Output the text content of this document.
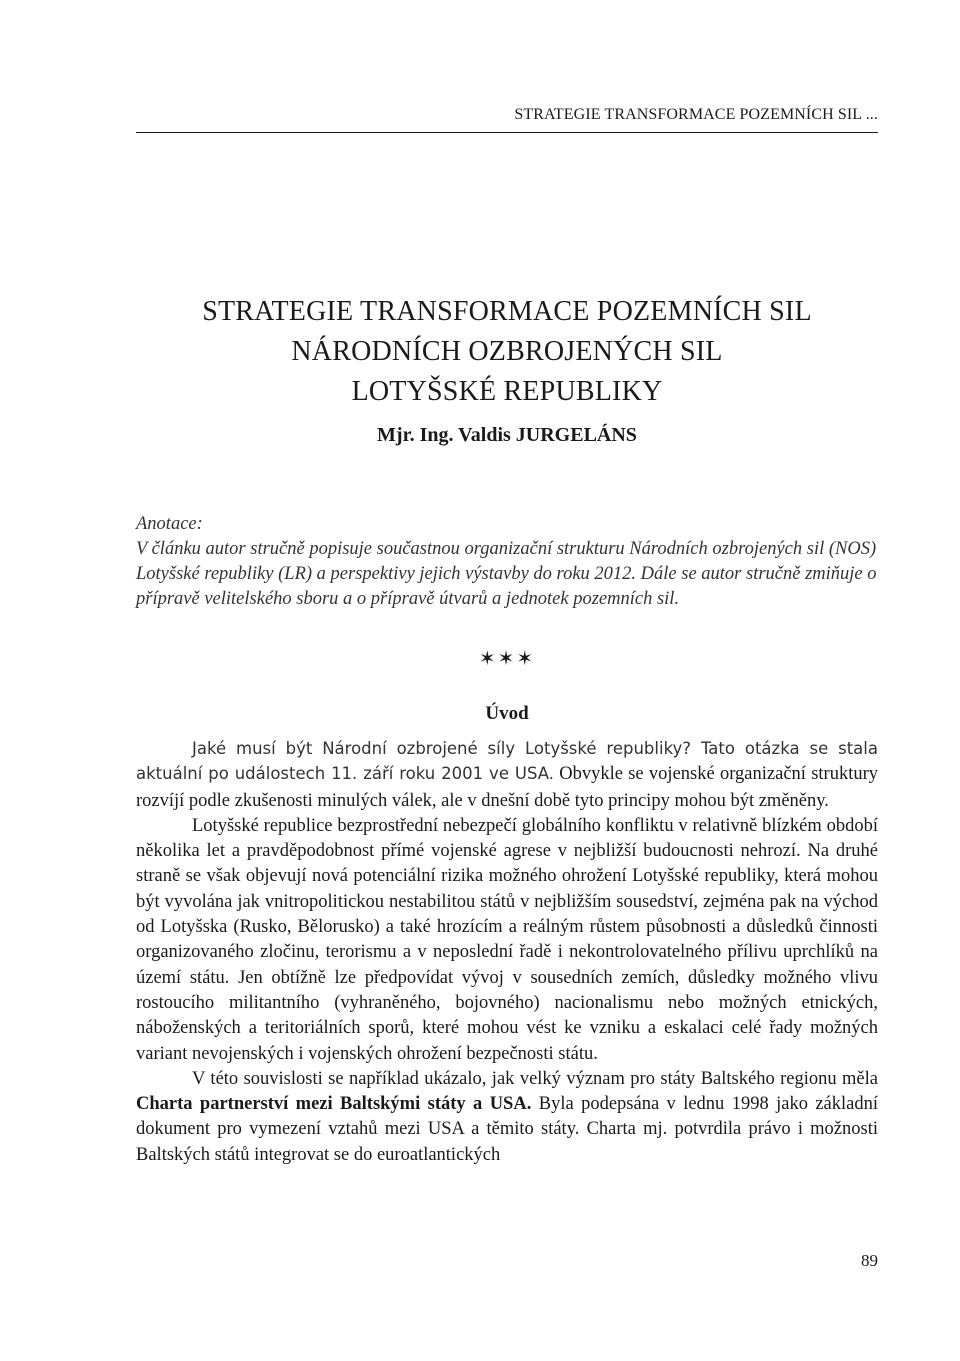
STRATEGIE TRANSFORMACE POZEMNÍCH SIL ...
STRATEGIE TRANSFORMACE POZEMNÍCH SIL
NÁRODNÍCH OZBROJENÝCH SIL
LOTYŠSKÉ REPUBLIKY
Mjr. Ing. Valdis JURGELÁNS
Anotace:
V článku autor stručně popisuje součastnou organizační strukturu Národních ozbrojených sil (NOS) Lotyšské republiky (LR) a perspektivy jejich výstavby do roku 2012. Dále se autor stručně zmiňuje o přípravě velitelského sboru a o přípravě útvarů a jednotek pozemních sil.
✶✶✶
Úvod

Jaké musí být Národní ozbrojené síly Lotyšské republiky? Tato otázka se stala aktuální po událostech 11. září roku 2001 ve USA. Obvykle se vojenské organizační struktury rozvíjí podle zkušenosti minulých válek, ale v dnešní době tyto principy mohou být změněny.

Lotyšské republice bezprostřední nebezpečí globálního konfliktu v relativně blízkém období několika let a pravděpodobnost přímé vojenské agrese v nejbližší budoucnosti nehrozí. Na druhé straně se však objevují nová potenciální rizika možného ohrožení Lotyšské republiky, která mohou být vyvolána jak vnitropolitickou nestabilitou států v nejbližším sousedství, zejména pak na východ od Lotyšska (Rusko, Bělorusko) a také hrozícím a reálným růstem působnosti a důsledků činnosti organizovaného zločinu, terorismu a v neposlední řadě i nekontrolovatelného přílivu uprchlíků na území státu. Jen obtížně lze předpovídat vývoj v sousedních zemích, důsledky možného vlivu rostoucího militantního (vyhraněného, bojovného) nacionalismu nebo možných etnických, náboženských a teritoriálních sporů, které mohou vést ke vzniku a eskalaci celé řady možných variant nevojenských i vojenských ohrožení bezpečnosti státu.

V této souvislosti se například ukázalo, jak velký význam pro státy Baltského regionu měla Charta partnerství mezi Baltskými státy a USA. Byla podepsána v lednu 1998 jako základní dokument pro vymezení vztahů mezi USA a těmito státy. Charta mj. potvrdila právo i možnosti Baltských států integrovat se do euroatlantických

89
